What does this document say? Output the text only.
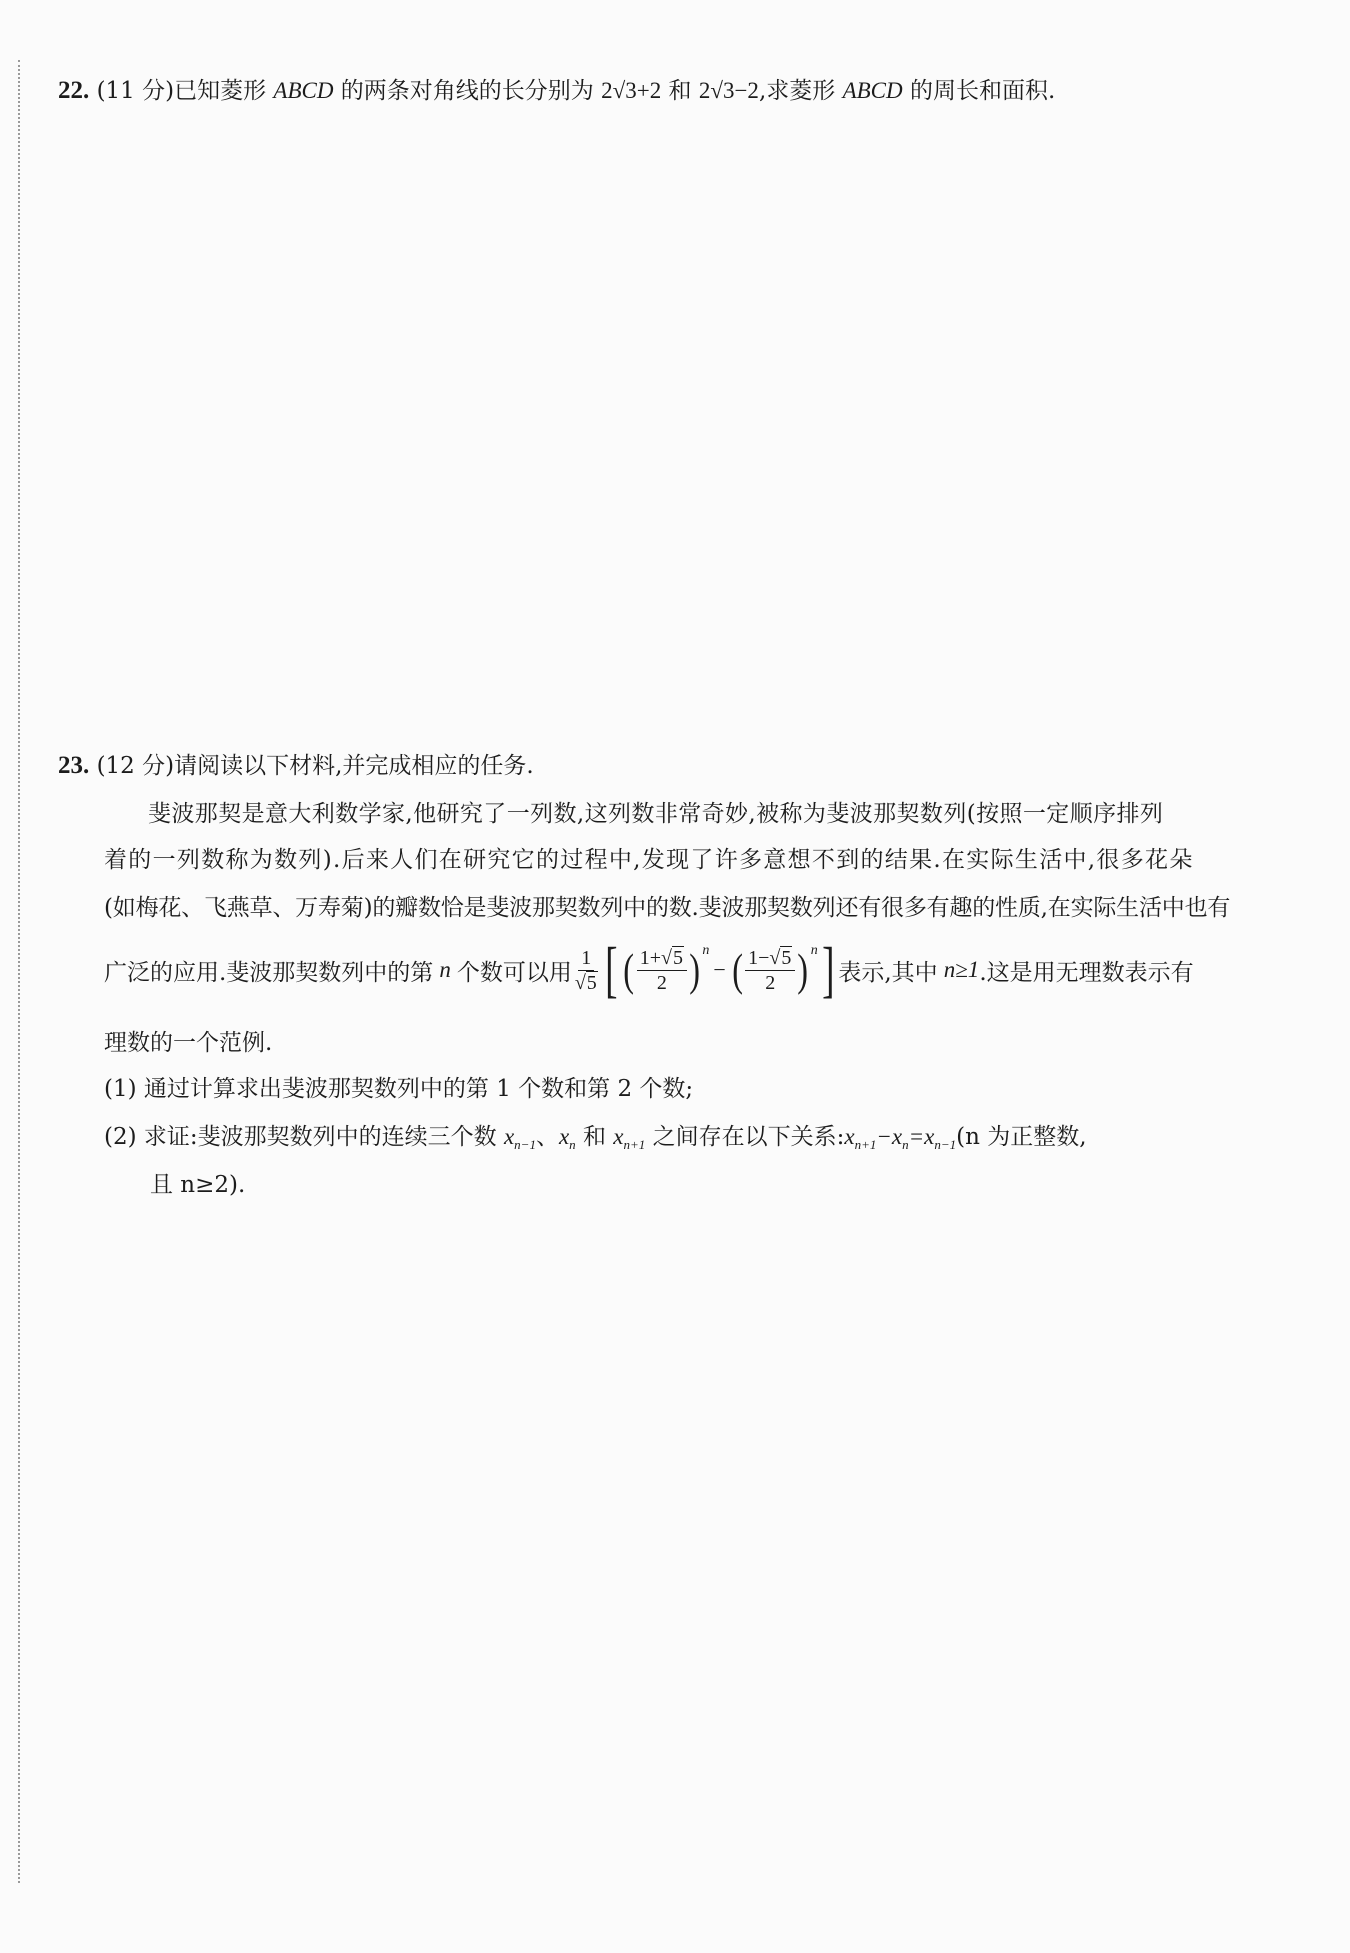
22. (11 分)已知菱形 ABCD 的两条对角线的长分别为 2√3+2 和 2√3−2,求菱形 ABCD 的周长和面积.
23. (12 分)请阅读以下材料,并完成相应的任务.
斐波那契是意大利数学家,他研究了一列数,这列数非常奇妙,被称为斐波那契数列(按照一定顺序排列
着的一列数称为数列).后来人们在研究它的过程中,发现了许多意想不到的结果.在实际生活中,很多花朵
(如梅花、飞燕草、万寿菊)的瓣数恰是斐波那契数列中的数.斐波那契数列还有很多有趣的性质,在实际生活中也有
广泛的应用.斐波那契数列中的第 n 个数可以用 1
√5 [ ( $\frac{1+√5}{2}$ ) n
− ( $\frac{1-√5}{2}$ ) n ] 表示,其中 n≥1 .这是用无理数表示有
理数的一个范例.
(1) 通过计算求出斐波那契数列中的第 1 个数和第 2 个数;
(2) 求证:斐波那契数列中的连续三个数 $x_{n-1}$、$x_n$ 和 $x_{n+1}$ 之间存在以下关系$:x_{n+1}-x_n=x_{n-1}(n$ 为正整数,
且 n≥2).
